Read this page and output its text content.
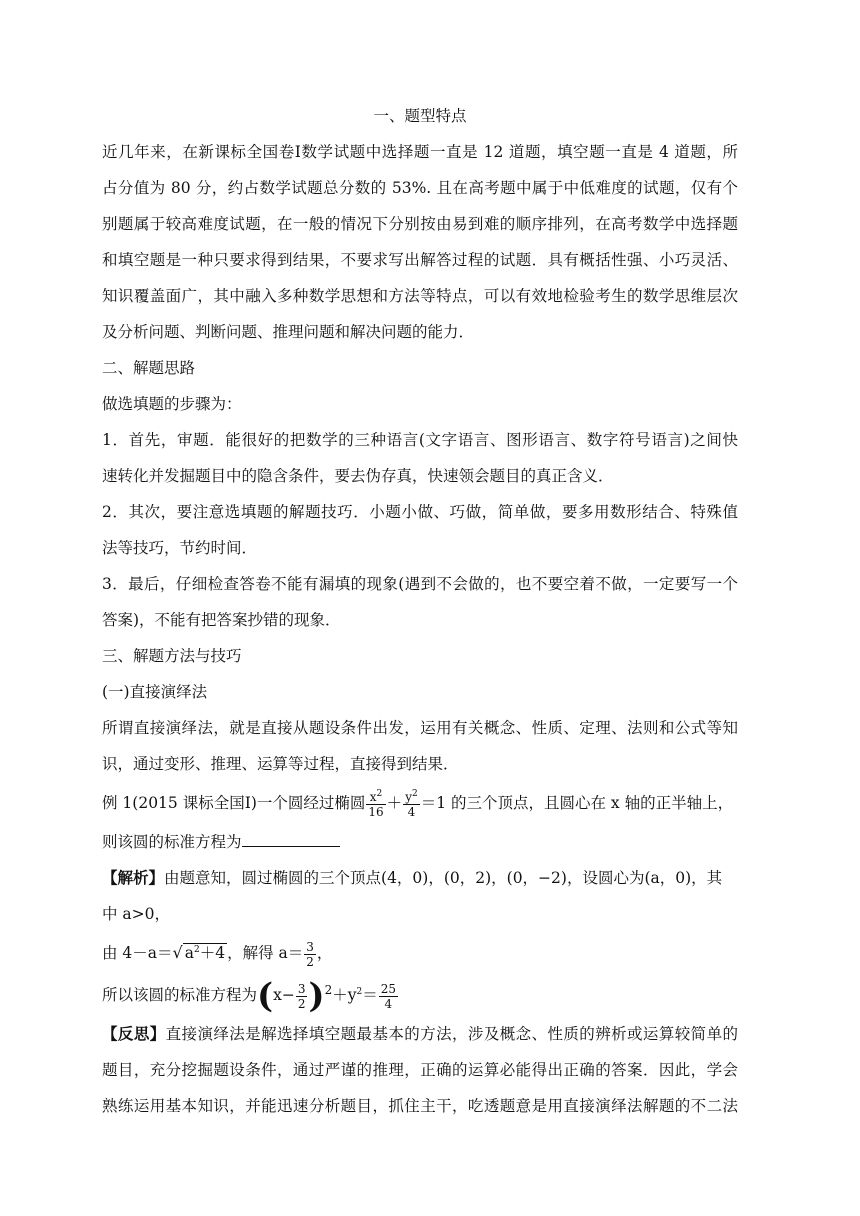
一、题型特点
近几年来，在新课标全国卷Ⅰ数学试题中选择题一直是 12 道题，填空题一直是 4 道题，所
占分值为 80 分，约占数学试题总分数的 53%. 且在高考题中属于中低难度的试题，仅有个
别题属于较高难度试题，在一般的情况下分别按由易到难的顺序排列，在高考数学中选择题
和填空题是一种只要求得到结果，不要求写出解答过程的试题．具有概括性强、小巧灵活、
知识覆盖面广，其中融入多种数学思想和方法等特点，可以有效地检验考生的数学思维层次
及分析问题、判断问题、推理问题和解决问题的能力．
二、解题思路
做选填题的步骤为：
1．首先，审题．能很好的把数学的三种语言(文字语言、图形语言、数字符号语言)之间快
速转化并发掘题目中的隐含条件，要去伪存真，快速领会题目的真正含义．
2．其次，要注意选填题的解题技巧．小题小做、巧做，简单做，要多用数形结合、特殊值
法等技巧，节约时间．
3．最后，仔细检查答卷不能有漏填的现象(遇到不会做的，也不要空着不做，一定要写一个
答案)，不能有把答案抄错的现象．
三、解题方法与技巧
(一)直接演绎法
所谓直接演绎法，就是直接从题设条件出发，运用有关概念、性质、定理、法则和公式等知
识，通过变形、推理、运算等过程，直接得到结果．
例 1(2015 课标全国Ⅰ)一个圆经过椭圆 $\frac{x^2}{16} + \frac{y^2}{4} =1$ 的三个顶点，且圆心在 x 轴的正半轴上，
则该圆的标准方程为
【解析】由题意知，圆过椭圆的三个顶点(4，0)，(0，2)，(0，−2)，设圆心为(a，0)，其
中 a>0，
由 4－a＝√ $a^2+4$ ，解得 $a= \frac{3}{2}$ ，
所以该圆的标准方程为$(x- \frac{3}{2} )^2+y^2= \frac{25}{4}$
【反思】直接演绎法是解选择填空题最基本的方法，涉及概念、性质的辨析或运算较简单的
题目，充分挖掘题设条件，通过严谨的推理，正确的运算必能得出正确的答案．因此，学会
熟练运用基本知识，并能迅速分析题目，抓住主干，吃透题意是用直接演绎法解题的不二法
